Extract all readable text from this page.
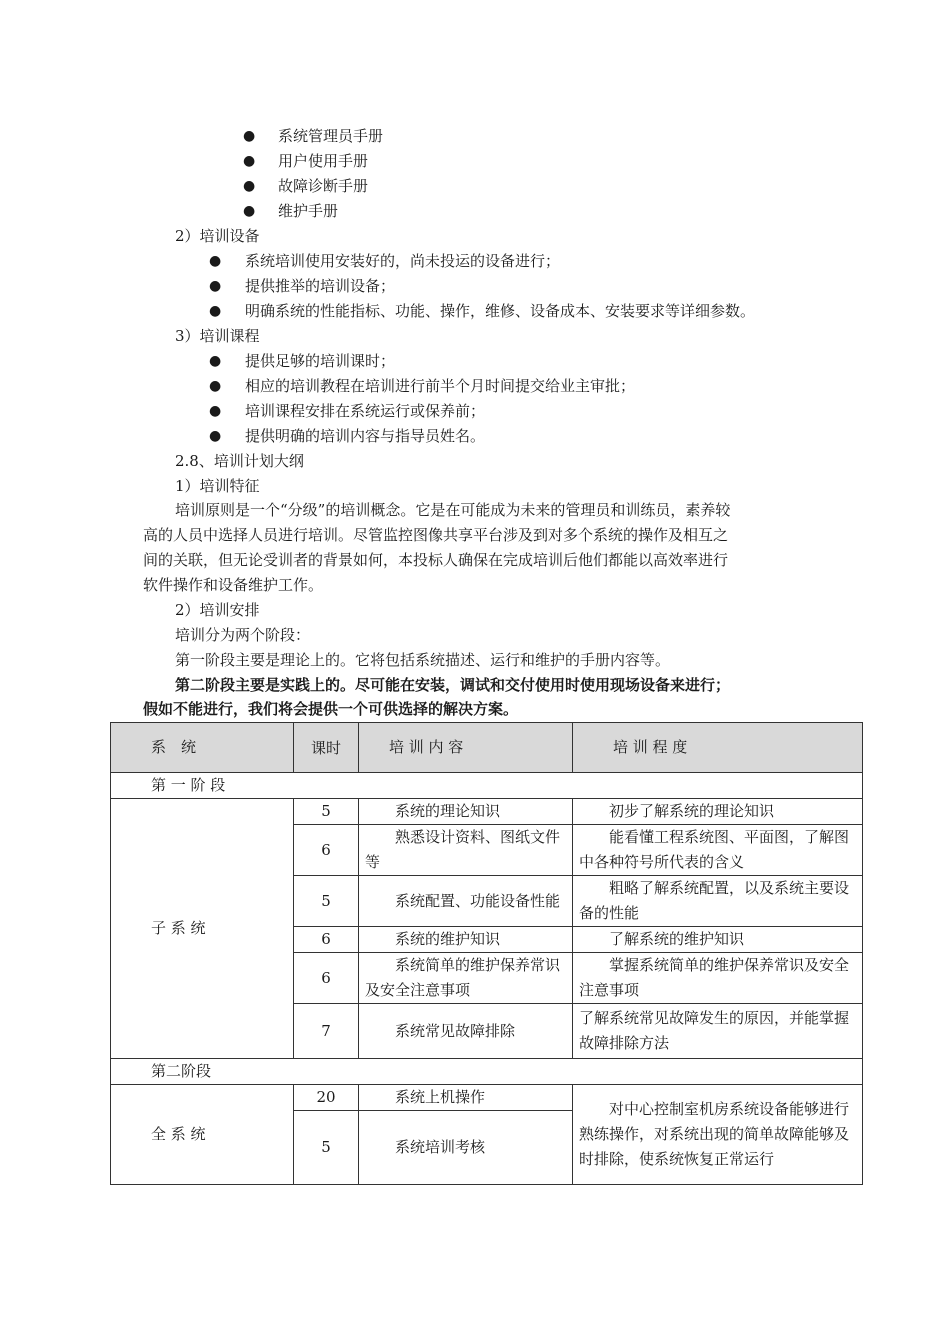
● 系统管理员手册
● 用户使用手册
● 故障诊断手册
● 维护手册
2）培训设备
● 系统培训使用安装好的，尚未投运的设备进行；
● 提供推举的培训设备；
● 明确系统的性能指标、功能、操作，维修、设备成本、安装要求等详细参数。
3）培训课程
● 提供足够的培训课时；
● 相应的培训教程在培训进行前半个月时间提交给业主审批；
● 培训课程安排在系统运行或保养前；
● 提供明确的培训内容与指导员姓名。
2.8、培训计划大纲
1）培训特征
培训原则是一个“分级”的培训概念。它是在可能成为未来的管理员和训练员，素养较
高的人员中选择人员进行培训。尽管监控图像共享平台涉及到对多个系统的操作及相互之
间的关联，但无论受训者的背景如何，本投标人确保在完成培训后他们都能以高效率进行
软件操作和设备维护工作。
2）培训安排
培训分为两个阶段：
第一阶段主要是理论上的。它将包括系统描述、运行和维护的手册内容等。
第二阶段主要是实践上的。尽可能在安装，调试和交付使用时使用现场设备来进行；
假如不能进行，我们将会提供一个可供选择的解决方案。
系　统	课时	培 训 内 容	培 训 程 度
第 一 阶 段			
子 系 统	5	系统的理论知识	初步了解系统的理论知识
	6	熟悉设计资料、图纸文件等	能看懂工程系统图、平面图，了解图中各种符号所代表的含义
	5	系统配置、功能设备性能	粗略了解系统配置，以及系统主要设备的性能
	6	系统的维护知识	了解系统的维护知识
	6	系统简单的维护保养常识及安全注意事项	掌握系统简单的维护保养常识及安全注意事项
	7	系统常见故障排除	了解系统常见故障发生的原因，并能掌握故障排除方法
第二阶段			
全 系 统	20	系统上机操作	对中心控制室机房系统设备能够进行熟练操作，对系统出现的简单故障能够及时排除，使系统恢复正常运行
	5	系统培训考核	
